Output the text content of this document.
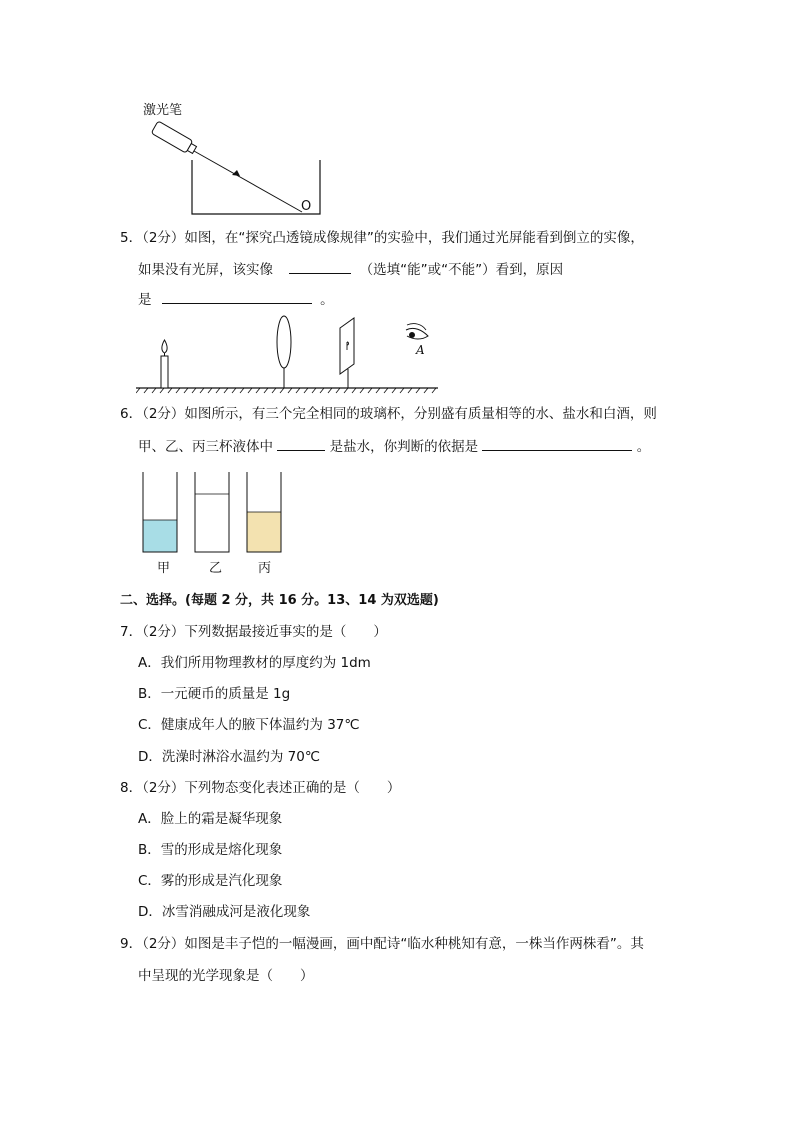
激光笔
O
5．（2分）如图，在“探究凸透镜成像规律”的实验中，我们通过光屏能看到倒立的实像，
如果没有光屏，该实像	（选填“能”或“不能”）看到，原因
是	。
A
6．（2分）如图所示，有三个完全相同的玻璃杯，分别盛有质量相等的水、盐水和白酒，则
甲、乙、丙三杯液体中	是盐水，你判断的依据是	。
甲	乙	丙
二、选择。(每题 2 分，共 16 分。13、14 为双选题)
7．（2分）下列数据最接近事实的是（　　）
A．我们所用物理教材的厚度约为 1dm
B．一元硬币的质量是 1g
C．健康成年人的腋下体温约为 37℃
D．洗澡时淋浴水温约为 70℃
8．（2分）下列物态变化表述正确的是（　　）
A．脸上的霜是凝华现象
B．雪的形成是熔化现象
C．雾的形成是汽化现象
D．冰雪消融成河是液化现象
9．（2分）如图是丰子恺的一幅漫画，画中配诗“临水种桃知有意，一株当作两株看”。其
中呈现的光学现象是（　　）
